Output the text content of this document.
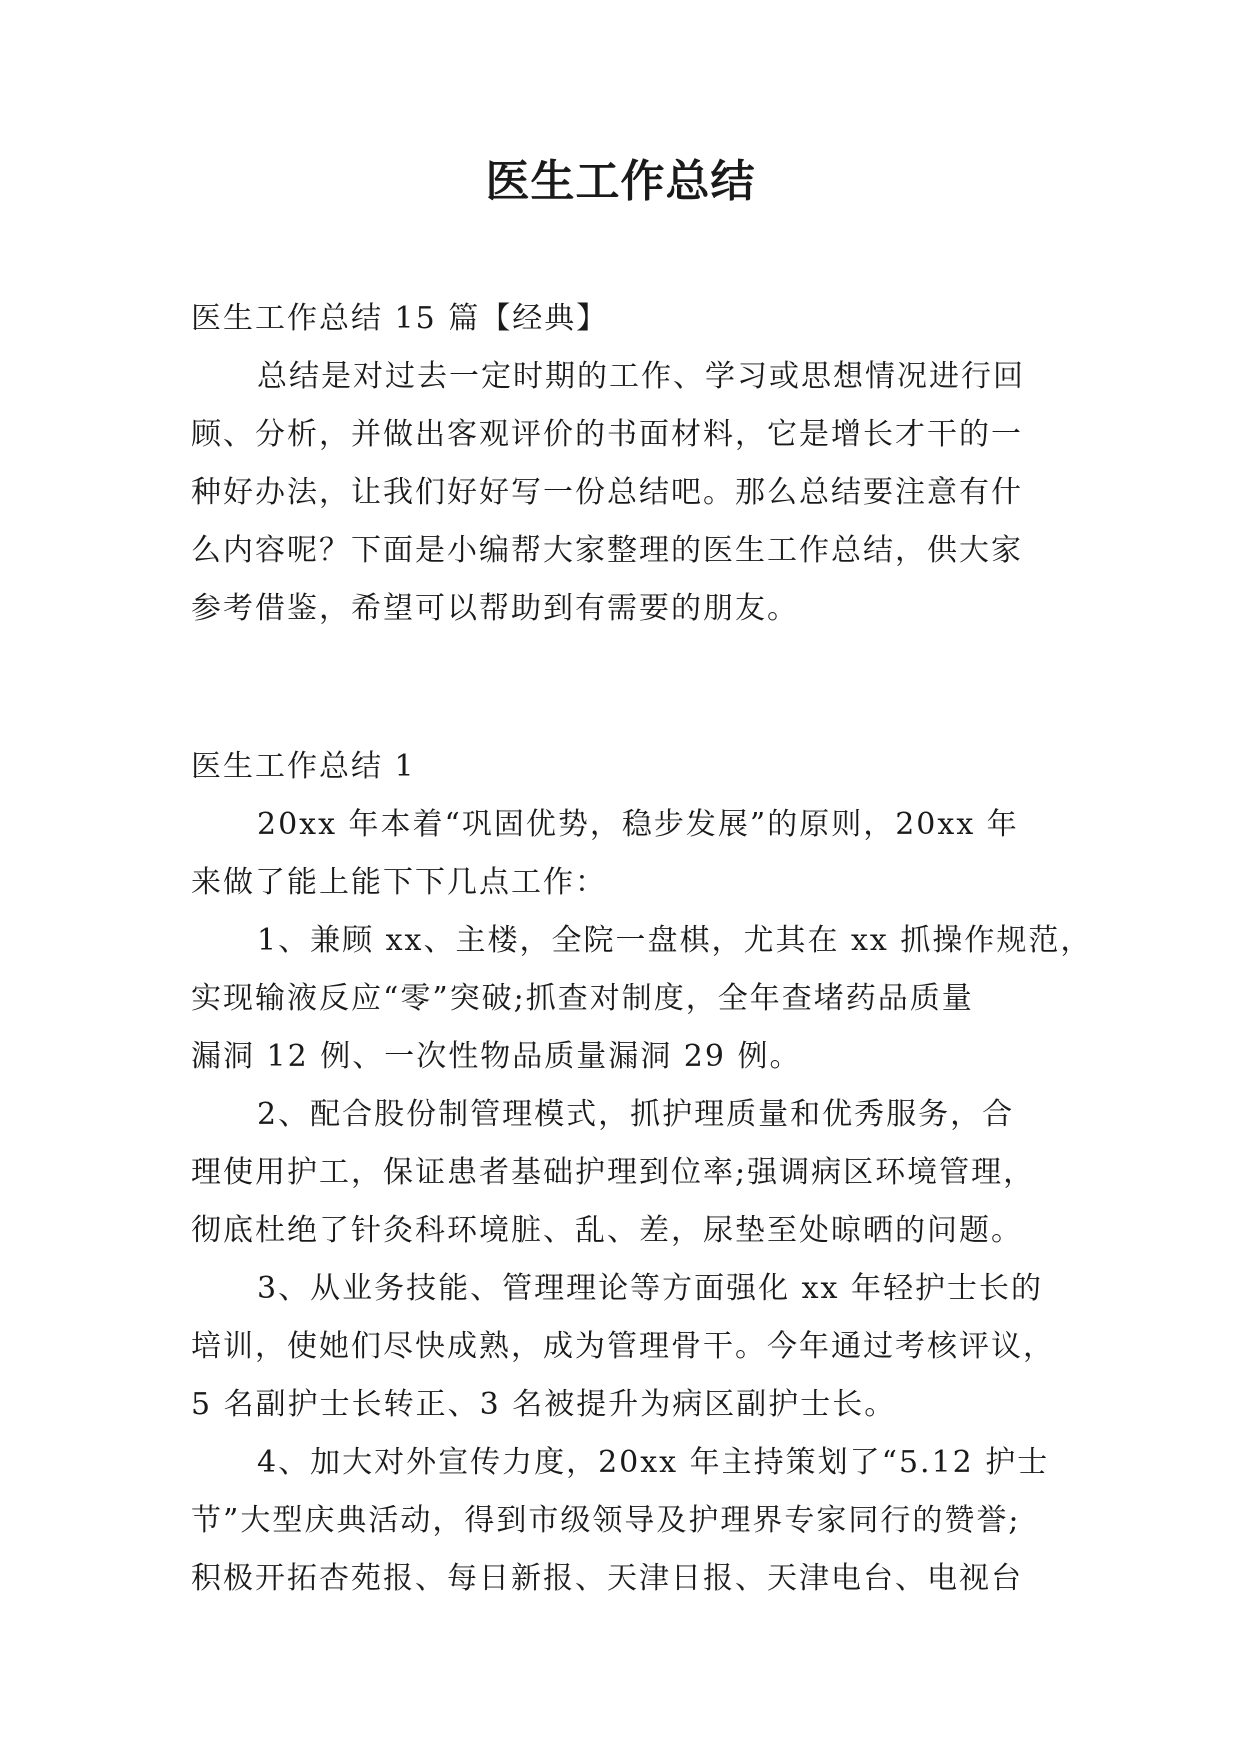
医生工作总结
医生工作总结 15 篇【经典】
总结是对过去一定时期的工作、学习或思想情况进行回
顾、分析，并做出客观评价的书面材料，它是增长才干的一
种好办法，让我们好好写一份总结吧。那么总结要注意有什
么内容呢？下面是小编帮大家整理的医生工作总结，供大家
参考借鉴，希望可以帮助到有需要的朋友。
医生工作总结 1
20xx 年本着“巩固优势，稳步发展”的原则，20xx 年
来做了能上能下下几点工作：
1、兼顾 xx、主楼，全院一盘棋，尤其在 xx 抓操作规范，
实现输液反应“零”突破;抓查对制度，全年查堵药品质量
漏洞 12 例、一次性物品质量漏洞 29 例。
2、配合股份制管理模式，抓护理质量和优秀服务，合
理使用护工，保证患者基础护理到位率;强调病区环境管理，
彻底杜绝了针灸科环境脏、乱、差，尿垫至处晾晒的问题。
3、从业务技能、管理理论等方面强化 xx 年轻护士长的
培训，使她们尽快成熟，成为管理骨干。今年通过考核评议，
5 名副护士长转正、3 名被提升为病区副护士长。
4、加大对外宣传力度，20xx 年主持策划了“5.12 护士
节”大型庆典活动，得到市级领导及护理界专家同行的赞誉;
积极开拓杏苑报、每日新报、天津日报、天津电台、电视台
